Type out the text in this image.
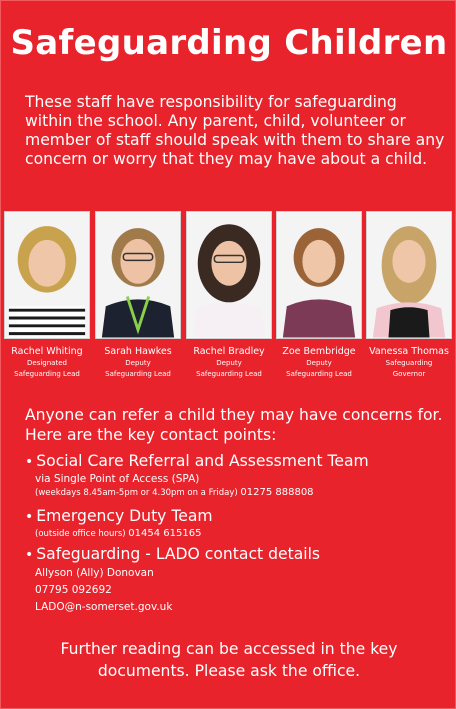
Safeguarding Children
These staff have responsibility for safeguarding within the school. Any parent, child, volunteer or member of staff should speak with them to share any concern or worry that they may have about a child.
Rachel Whiting
Designated
Safeguarding Lead
Sarah Hawkes
Deputy
Safeguarding Lead
Rachel Bradley
Deputy
Safeguarding Lead
Zoe Bembridge
Deputy
Safeguarding Lead
Vanessa Thomas
Safeguarding
Governor
Anyone can refer a child they may have concerns for. Here are the key contact points:
• Social Care Referral and Assessment Team
via Single Point of Access (SPA)
(weekdays 8.45am-5pm or 4.30pm on a Friday) 01275 888808
• Emergency Duty Team
(outside office hours) 01454 615165
• Safeguarding - LADO contact details
Allyson (Ally) Donovan
07795 092692
LADO@n-somerset.gov.uk
Further reading can be accessed in the key
documents. Please ask the office.
